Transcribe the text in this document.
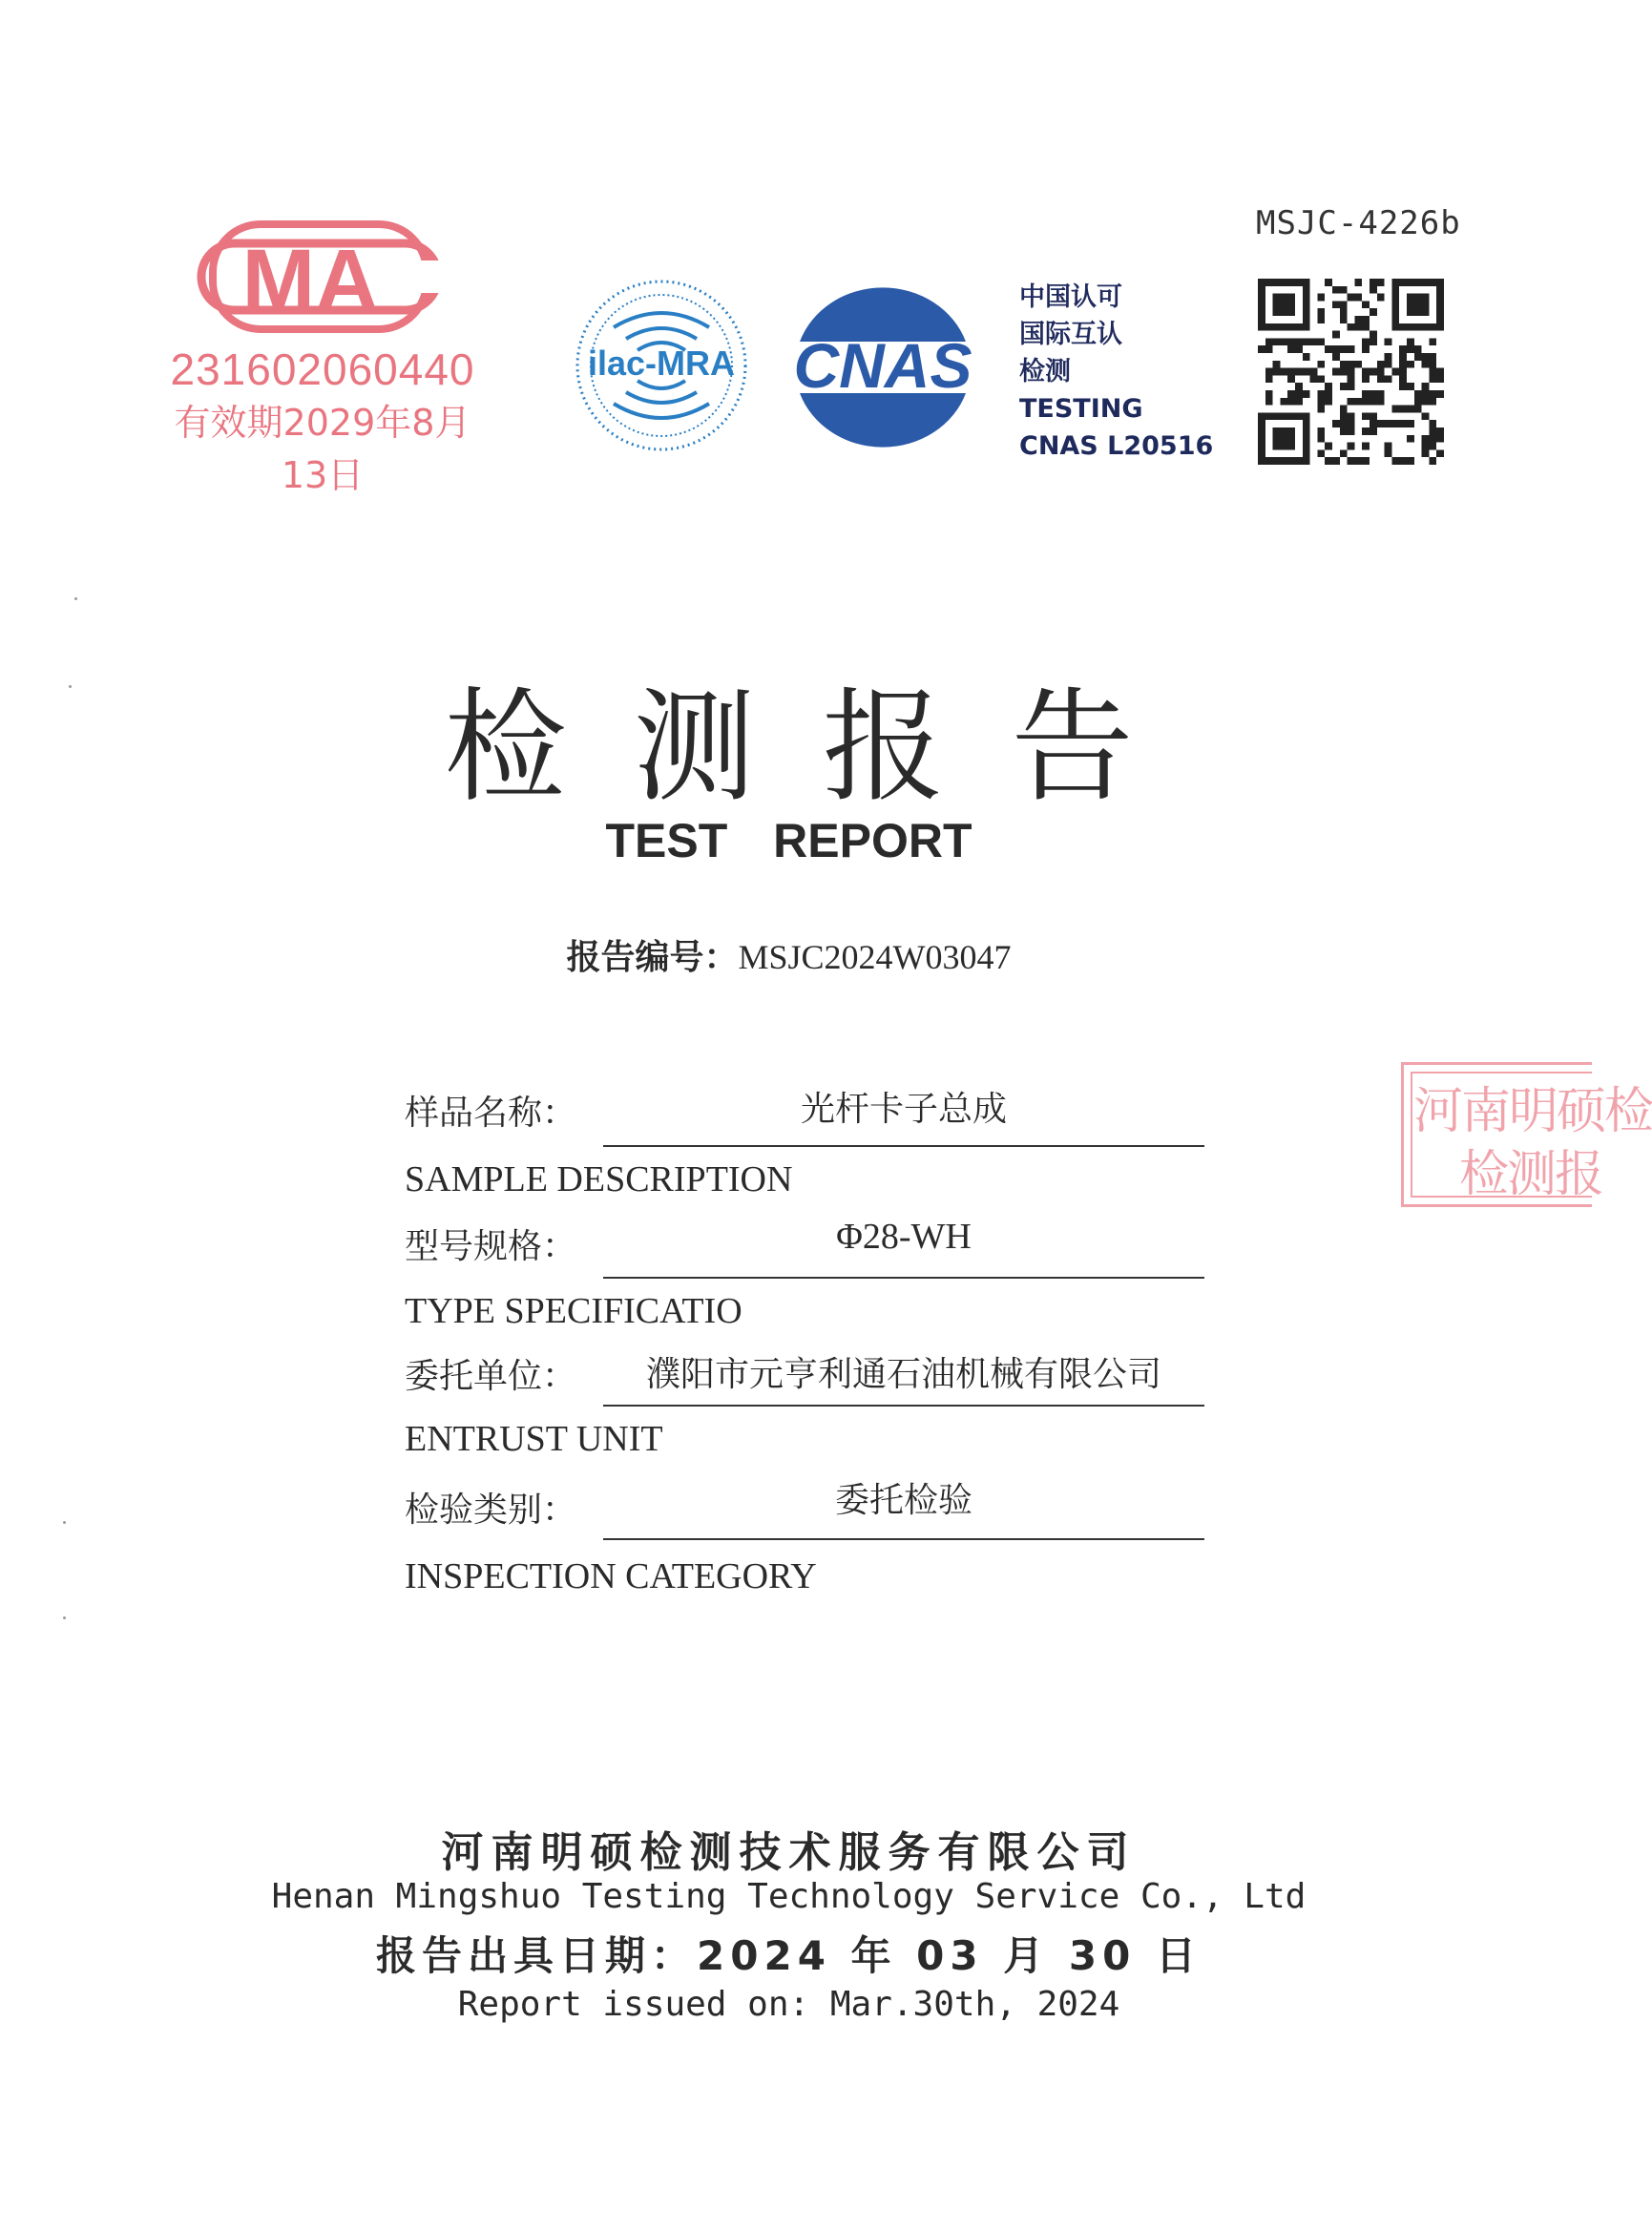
MSJC-4226b
MA
231602060440
有效期2029年8月13日
ilac-MRA CNAS
中国认可
国际互认
检测
TESTING
CNAS L20516
检测报告
TEST REPORT
报告编号：MSJC2024W03047
样品名称：	光杆卡子总成
SAMPLE DESCRIPTION
型号规格：	Φ28-WH
TYPE SPECIFICATIO
委托单位：	濮阳市元亨利通石油机械有限公司
ENTRUST UNIT
检验类别：	委托检验
INSPECTION CATEGORY
河南明硕检
检测报
河南明硕检测技术服务有限公司
Henan Mingshuo Testing Technology Service Co., Ltd
报告出具日期：2024 年 03 月 30 日
Report issued on: Mar.30th, 2024
